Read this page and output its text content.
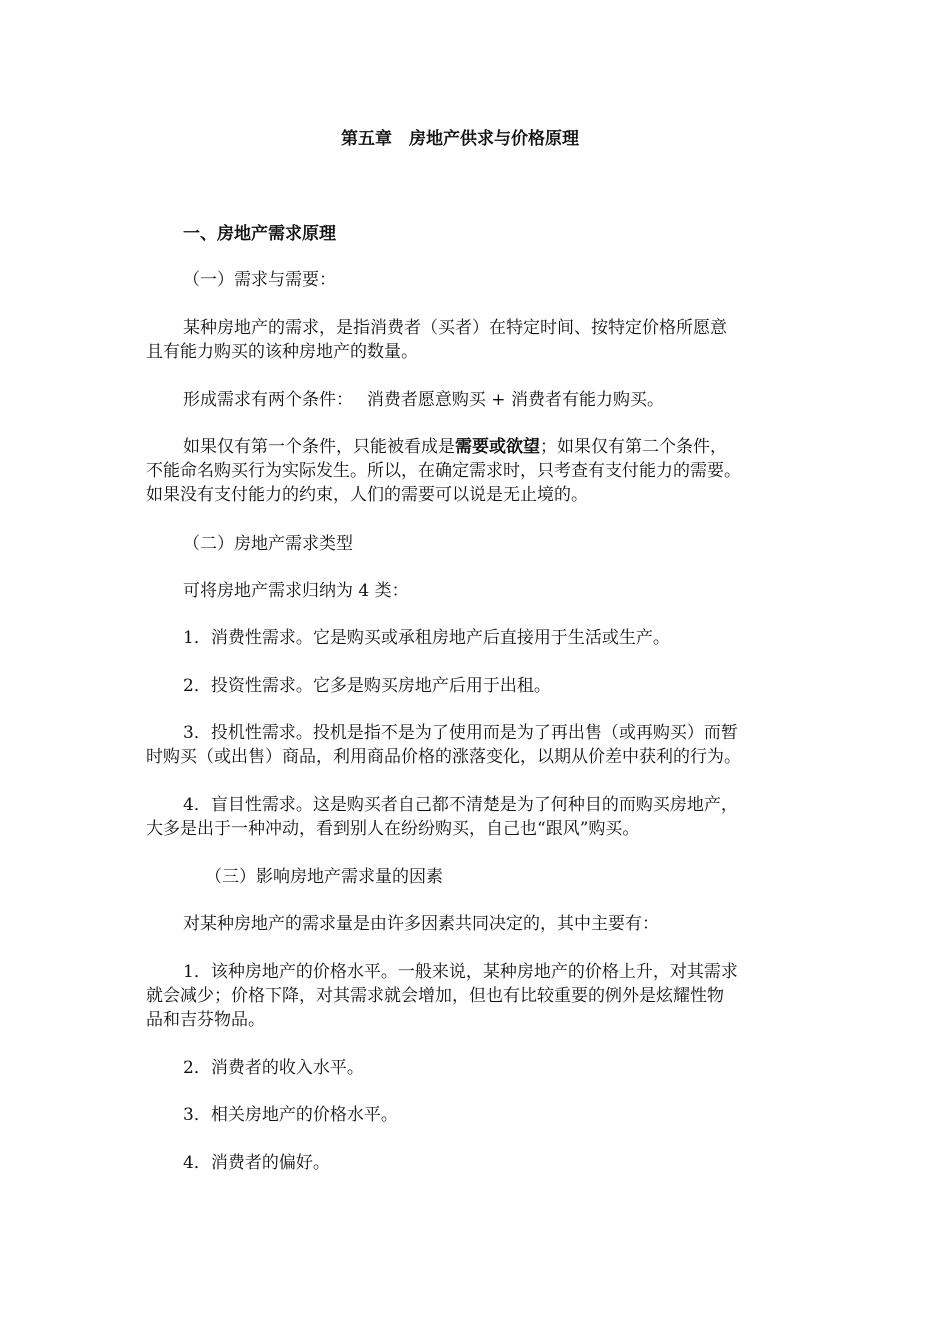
第五章　房地产供求与价格原理
一、房地产需求原理
（一）需求与需要：
某种房地产的需求，是指消费者（买者）在特定时间、按特定价格所愿意
且有能力购买的该种房地产的数量。
形成需求有两个条件：　 消费者愿意购买 + 消费者有能力购买。
如果仅有第一个条件，只能被看成是需要或欲望；如果仅有第二个条件，
不能命名购买行为实际发生。所以，在确定需求时，只考查有支付能力的需要。
如果没有支付能力的约束，人们的需要可以说是无止境的。
（二）房地产需求类型
可将房地产需求归纳为 4 类：
1．消费性需求。它是购买或承租房地产后直接用于生活或生产。
2．投资性需求。它多是购买房地产后用于出租。
3．投机性需求。投机是指不是为了使用而是为了再出售（或再购买）而暂
时购买（或出售）商品，利用商品价格的涨落变化，以期从价差中获利的行为。
4．盲目性需求。这是购买者自己都不清楚是为了何种目的而购买房地产，
大多是出于一种冲动，看到别人在纷纷购买，自己也“跟风”购买。
（三）影响房地产需求量的因素
对某种房地产的需求量是由许多因素共同决定的，其中主要有：
1．该种房地产的价格水平。一般来说，某种房地产的价格上升，对其需求
就会减少；价格下降，对其需求就会增加，但也有比较重要的例外是炫耀性物
品和吉芬物品。
2．消费者的收入水平。
3．相关房地产的价格水平。
4．消费者的偏好。
